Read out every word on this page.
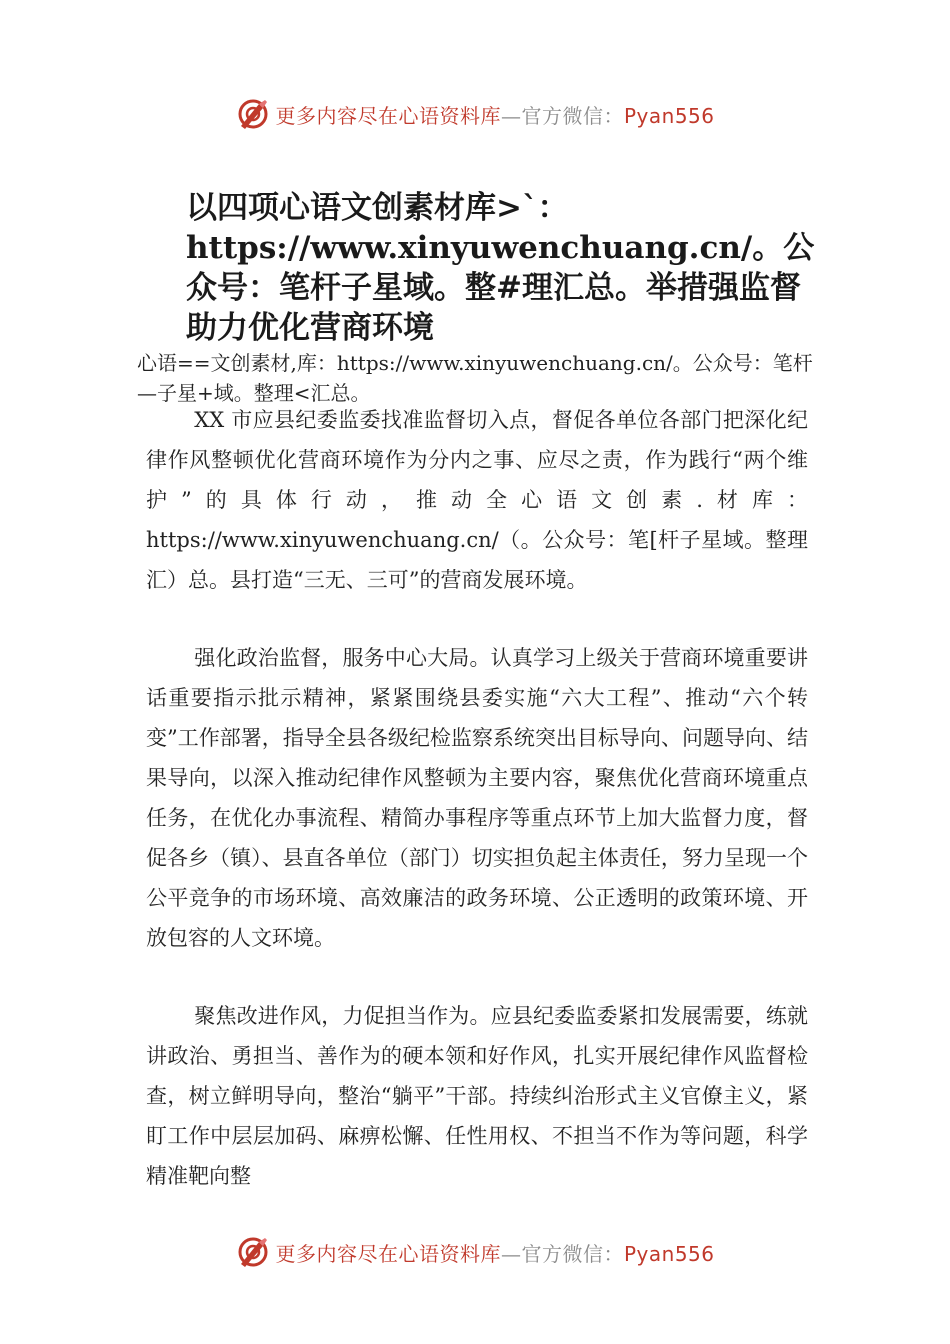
更多内容尽在心语资料库—官方微信：Pyan556
以四项心语文创素材库>`：https://www.xinyuwenchuang.cn/。公众号：笔杆子星域。整#理汇总。举措强监督 助力优化营商环境

心语==文创素材,库：https://www.xinyuwenchuang.cn/。公众号：笔杆—子星+域。整理<汇总。

XX 市应县纪委监委找准监督切入点，督促各单位各部门把深化纪律作风整顿优化营商环境作为分内之事、应尽之责，作为践行“两个维护”的具体行动，推动全心语文创素.材库：https://www.xinyuwenchuang.cn/（。公众号：笔[杆子星域。整理汇）总。县打造“三无、三可”的营商发展环境。

强化政治监督，服务中心大局。认真学习上级关于营商环境重要讲话重要指示批示精神，紧紧围绕县委实施“六大工程”、推动“六个转变”工作部署，指导全县各级纪检监察系统突出目标导向、问题导向、结果导向，以深入推动纪律作风整顿为主要内容，聚焦优化营商环境重点任务，在优化办事流程、精简办事程序等重点环节上加大监督力度，督促各乡（镇）、县直各单位（部门）切实担负起主体责任，努力呈现一个公平竞争的市场环境、高效廉洁的政务环境、公正透明的政策环境、开放包容的人文环境。

聚焦改进作风，力促担当作为。应县纪委监委紧扣发展需要，练就讲政治、勇担当、善作为的硬本领和好作风，扎实开展纪律作风监督检查，树立鲜明导向，整治“躺平”干部。持续纠治形式主义官僚主义，紧盯工作中层层加码、麻痹松懈、任性用权、不担当不作为等问题，科学精准靶向整

更多内容尽在心语资料库—官方微信：Pyan556
